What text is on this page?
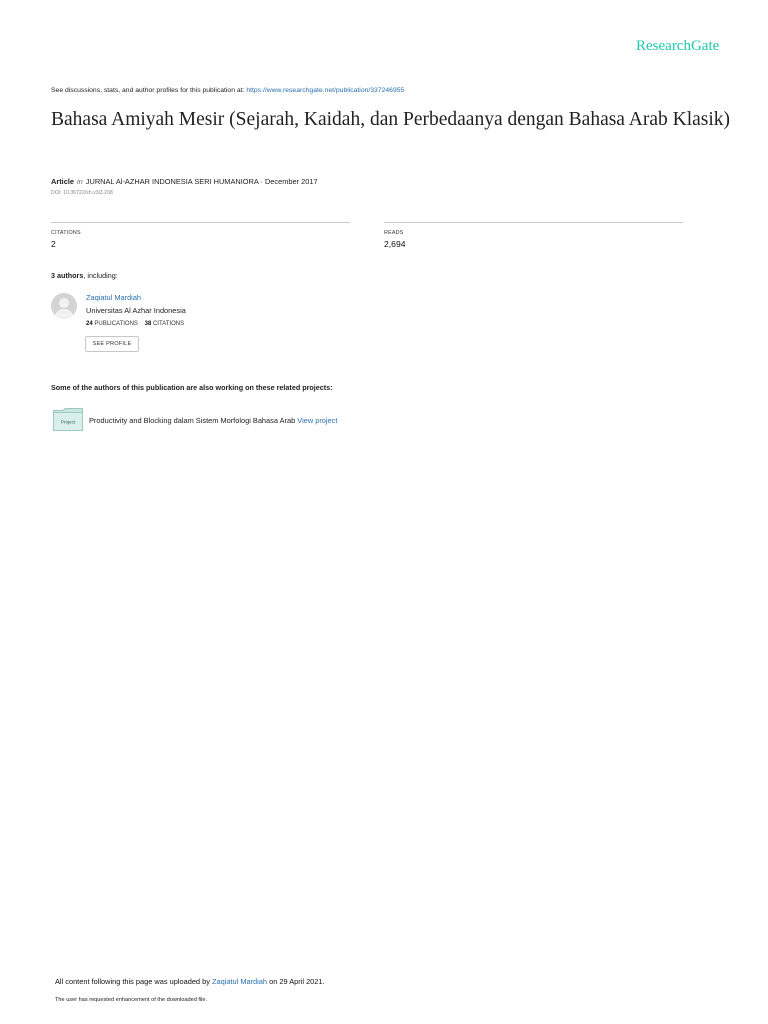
ResearchGate
See discussions, stats, and author profiles for this publication at: https://www.researchgate.net/publication/337246955
Bahasa Amiyah Mesir (Sejarah, Kaidah, dan Perbedaanya dengan Bahasa Arab Klasik)
Article in JURNAL Al-AZHAR INDONESIA SERI HUMANIORA · December 2017
DOI: 10.36722/sh.v3i3.208
CITATIONS
2
READS
2,694
3 authors, including:
Zaqiatul Mardiah
Universitas Al Azhar Indonesia
24 PUBLICATIONS 38 CITATIONS
SEE PROFILE
Some of the authors of this publication are also working on these related projects:
Project Productivity and Blocking dalam Sistem Morfologi Bahasa Arab View project
All content following this page was uploaded by Zaqiatul Mardiah on 29 April 2021.
The user has requested enhancement of the downloaded file.
